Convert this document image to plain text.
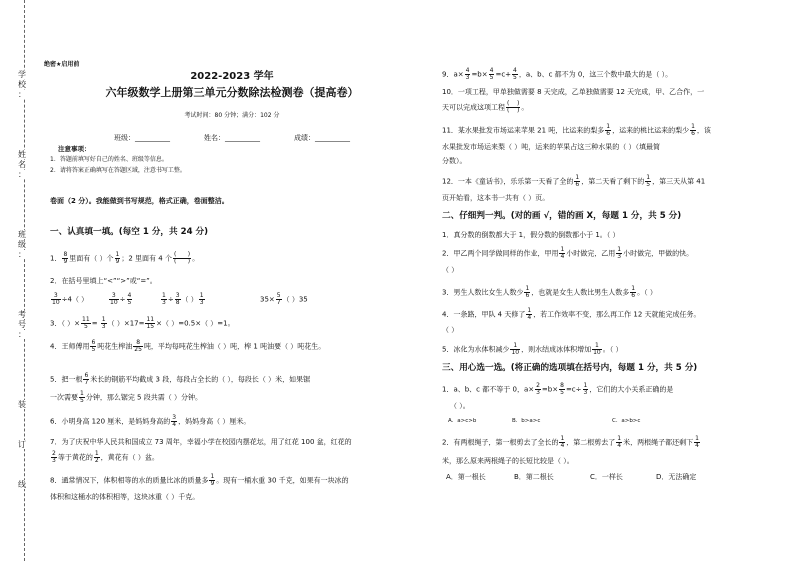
学
校
：
姓
名
：
班
级
：
考
号
：
装
订
线
绝密★启用前
2022-2023 学年
六年级数学上册第三单元分数除法检测卷（提高卷）
考试时间：80 分钟；满分：102 分
班级：__________	姓名：__________	成绩：__________
注意事项：
1．答题前填写好自己的姓名、班级等信息。
2．请将答案正确填写在答题区域，注意书写工整。
卷面（2 分）。我能做到书写规范，格式正确，卷面整洁。
一、认真填一填。(每空 1 分，共 24 分)
1． $\frac{8}{9}$ 里面有（ ）个 $\frac{1}{9}$ ；2 里面有 4 个 $\frac{( )}{( )}$ 。
2．在括号里填上“<”“>”或“=”。
$\frac{3}{10} \div 4$（ ）	$\frac{3}{10} \div \frac{4}{5}$	$\frac{1}{3} \div \frac{3}{8}$ （ ） $\frac{1}{3}$	$35\times \frac{5}{7}$ （ ）35
3．（ ）× $\frac{11}{5} = \frac{1}{3}$ （ ）$\times 17= \frac{11}{15}$ ×（ ）=0.5×（ ）=1。
4．王师傅用 $\frac{6}{5}$ 吨花生榨油 $\frac{8}{25}$ 吨，平均每吨花生榨油（ ）吨，榨 1 吨油要（ ）吨花生。
5．把一根 $\frac{6}{7}$ 米长的钢筋平均截成 3 段，每段占全长的（ ），每段长（ ）米，如果锯
一次需要 $\frac{1}{5}$ 分钟，那么锯完 5 段共需（ ）分钟。
6．小明身高 120 厘米，是妈妈身高的 $\frac{3}{4}$ ，妈妈身高（ ）厘米。
7．为了庆祝中华人民共和国成立 73 周年，幸福小学在校园内摆花坛，用了红花 100 盆，红花的
$\frac{2}{3}$ 等于黄花的 $\frac{1}{2}$ ，黄花有（ ）盆。
8．通常情况下，体积相等的水的质量比冰的质量多 $\frac{1}{9}$ 。现有一桶水重 30 千克，如果有一块冰的
体积和这桶水的体积相等，这块冰重（ ）千克。
9．$a\times \frac{4}{3} =b\times \frac{4}{5} =c+ \frac{4}{5}$ ，a、b、c 都不为 0，这三个数中最大的是（ ）。
10．一项工程，甲单独做需要 8 天完成，乙单独做需要 12 天完成，甲、乙合作，一
天可以完成这项工程 $\frac{( )}{( )}$ 。
11．某水果批发市场运来苹果 21 吨，比运来的梨多 $\frac{1}{6}$ ，运来的桃比运来的梨少 $\frac{1}{6}$ ，该
水果批发市场运来梨（ ）吨，运来的苹果占这三种水果的（ ）（填最简
分数）。
12．一本《童话书》，乐乐第一天看了全的 $\frac{1}{6}$ ，第二天看了剩下的 $\frac{1}{5}$ ，第三天从第 41
页开始看，这本书一共有（ ）页。
二、仔细判一判。(对的画 √，错的画 X，每题 1 分，共 5 分)
1．真分数的倒数都大于 1，假分数的倒数都小于 1。（ ）
2．甲乙两个同学做同样的作业，甲用 $\frac{1}{4}$ 小时做完，乙用 $\frac{1}{3}$ 小时做完，甲做的快。
（ ）
3．男生人数比女生人数少 $\frac{1}{6}$ ，也就是女生人数比男生人数多 $\frac{1}{6}$ 。（ ）
4．一条路，甲队 4 天修了 $\frac{1}{4}$ ，若工作效率不变，那么再工作 12 天就能完成任务。
（ ）
5．冰化为水体积减少 $\frac{1}{10}$ ，则水结成冰体积增加 $\frac{1}{10}$ 。（ ）
三、用心选一选。(将正确的选项填在括号内，每题 1 分，共 5 分)
1．a、b、c 都不等于 0，$a\times \frac{2}{3} =b\times \frac{8}{5} =c\div \frac{1}{3}$ ，它们的大小关系正确的是
（ ）。
A．a>c>b	B．b>a>c	C．a>b>c
2．有两根绳子，第一根剪去了全长的 $\frac{1}{4}$ ，第二根剪去了 $\frac{1}{4}$ 米，两根绳子都还剩下 $\frac{1}{4}$
米，那么原来两根绳子的长短比较是（ ）。
A．第一根长	B．第二根长	C．一样长	D．无法确定
